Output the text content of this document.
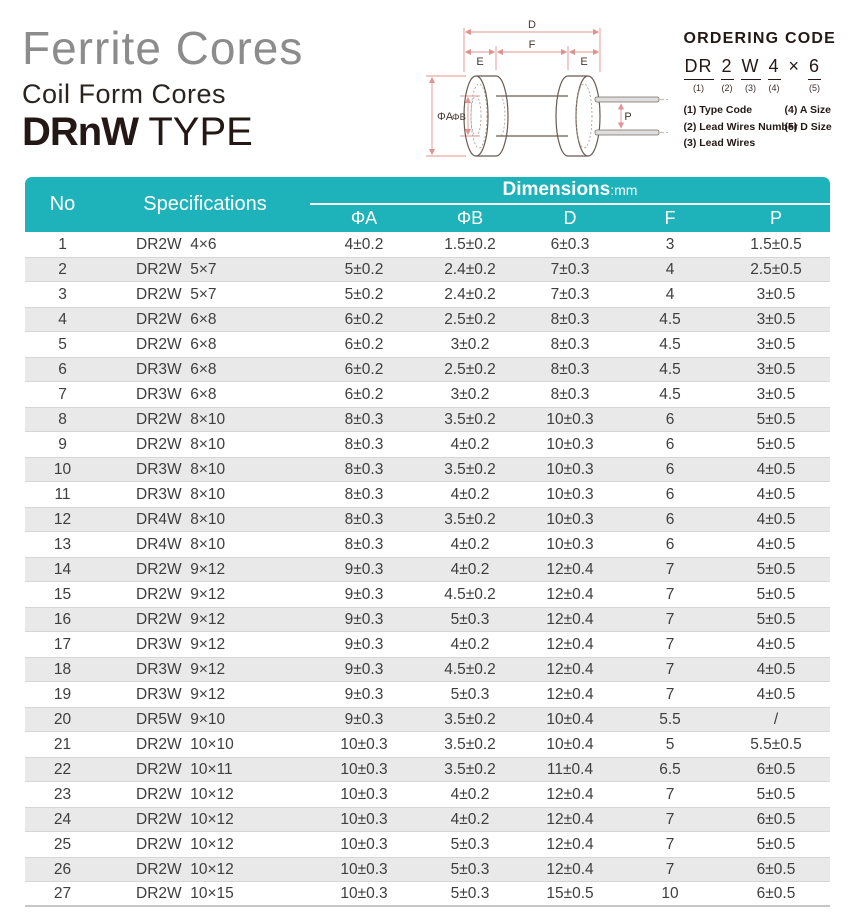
Ferrite Cores
Coil Form Cores
DRnW TYPE
D
F
E	E
ΦA
ΦB	P
ORDERING CODE
DR
(1)
2
(2)
W
(3)
4
(4)
× 6
(5)
(1) Type Code	(4) A Size
(2) Lead Wires Number
(5) D Size
(3) Lead Wires
No	Specifications	Dimensions:mm				
		ΦA	ΦB	D	F	P
1	DR2W  4×6	4±0.2	1.5±0.2	6±0.3	3	1.5±0.5
2	DR2W  5×7	5±0.2	2.4±0.2	7±0.3	4	2.5±0.5
3	DR2W  5×7	5±0.2	2.4±0.2	7±0.3	4	3±0.5
4	DR2W  6×8	6±0.2	2.5±0.2	8±0.3	4.5	3±0.5
5	DR2W  6×8	6±0.2	3±0.2	8±0.3	4.5	3±0.5
6	DR3W  6×8	6±0.2	2.5±0.2	8±0.3	4.5	3±0.5
7	DR3W  6×8	6±0.2	3±0.2	8±0.3	4.5	3±0.5
8	DR2W  8×10	8±0.3	3.5±0.2	10±0.3	6	5±0.5
9	DR2W  8×10	8±0.3	4±0.2	10±0.3	6	5±0.5
10	DR3W  8×10	8±0.3	3.5±0.2	10±0.3	6	4±0.5
11	DR3W  8×10	8±0.3	4±0.2	10±0.3	6	4±0.5
12	DR4W  8×10	8±0.3	3.5±0.2	10±0.3	6	4±0.5
13	DR4W  8×10	8±0.3	4±0.2	10±0.3	6	4±0.5
14	DR2W  9×12	9±0.3	4±0.2	12±0.4	7	5±0.5
15	DR2W  9×12	9±0.3	4.5±0.2	12±0.4	7	5±0.5
16	DR2W  9×12	9±0.3	5±0.3	12±0.4	7	5±0.5
17	DR3W  9×12	9±0.3	4±0.2	12±0.4	7	4±0.5
18	DR3W  9×12	9±0.3	4.5±0.2	12±0.4	7	4±0.5
19	DR3W  9×12	9±0.3	5±0.3	12±0.4	7	4±0.5
20	DR5W  9×10	9±0.3	3.5±0.2	10±0.4	5.5	/
21	DR2W  10×10	10±0.3	3.5±0.2	10±0.4	5	5.5±0.5
22	DR2W  10×11	10±0.3	3.5±0.2	11±0.4	6.5	6±0.5
23	DR2W  10×12	10±0.3	4±0.2	12±0.4	7	5±0.5
24	DR2W  10×12	10±0.3	4±0.2	12±0.4	7	6±0.5
25	DR2W  10×12	10±0.3	5±0.3	12±0.4	7	5±0.5
26	DR2W  10×12	10±0.3	5±0.3	12±0.4	7	6±0.5
27	DR2W  10×15	10±0.3	5±0.3	15±0.5	10	6±0.5
